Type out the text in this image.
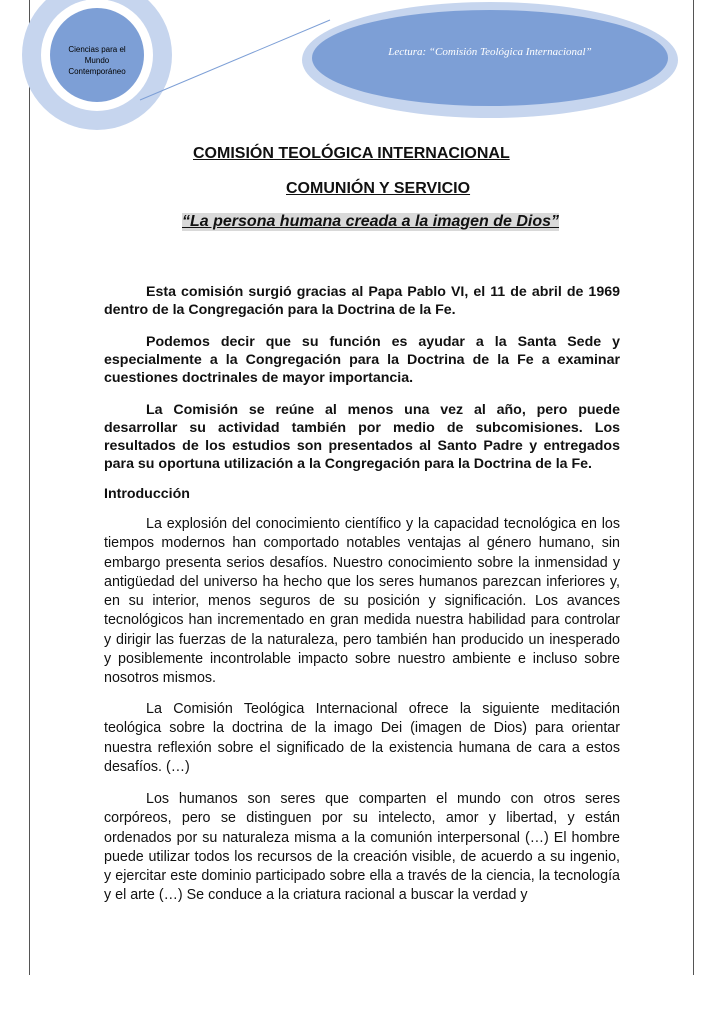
Ciencias para el
Mundo
Contemporáneo
Lectura: “Comisión Teológica Internacional”
COMISIÓN TEOLÓGICA INTERNACIONAL
COMUNIÓN Y SERVICIO
“La persona humana creada a la imagen de Dios”

Esta comisión surgió gracias al Papa Pablo VI, el 11 de abril de 1969 dentro de la Congregación para la Doctrina de la Fe.

Podemos decir que su función es ayudar a la Santa Sede y especialmente a la Congregación para la Doctrina de la Fe a examinar cuestiones doctrinales de mayor importancia.

La Comisión se reúne al menos una vez al año, pero puede desarrollar su actividad también por medio de subcomisiones. Los resultados de los estudios son presentados al Santo Padre y entregados para su oportuna utilización a la Congregación para la Doctrina de la Fe.

Introducción

La explosión del conocimiento científico y la capacidad tecnológica en los tiempos modernos han comportado notables ventajas al género humano, sin embargo presenta serios desafíos. Nuestro conocimiento sobre la inmensidad y antigüedad del universo ha hecho que los seres humanos parezcan inferiores y, en su interior, menos seguros de su posición y significación. Los avances tecnológicos han incrementado en gran medida nuestra habilidad para controlar y dirigir las fuerzas de la naturaleza, pero también han producido un inesperado y posiblemente incontrolable impacto sobre nuestro ambiente e incluso sobre nosotros mismos.

La Comisión Teológica Internacional ofrece la siguiente meditación teológica sobre la doctrina de la imago Dei (imagen de Dios) para orientar nuestra reflexión sobre el significado de la existencia humana de cara a estos desafíos. (…)

Los humanos son seres que comparten el mundo con otros seres corpóreos, pero se distinguen por su intelecto, amor y libertad, y están ordenados por su naturaleza misma a la comunión interpersonal (…) El hombre puede utilizar todos los recursos de la creación visible, de acuerdo a su ingenio, y ejercitar este dominio participado sobre ella a través de la ciencia, la tecnología y el arte (…) Se conduce a la criatura racional a buscar la verdad y
